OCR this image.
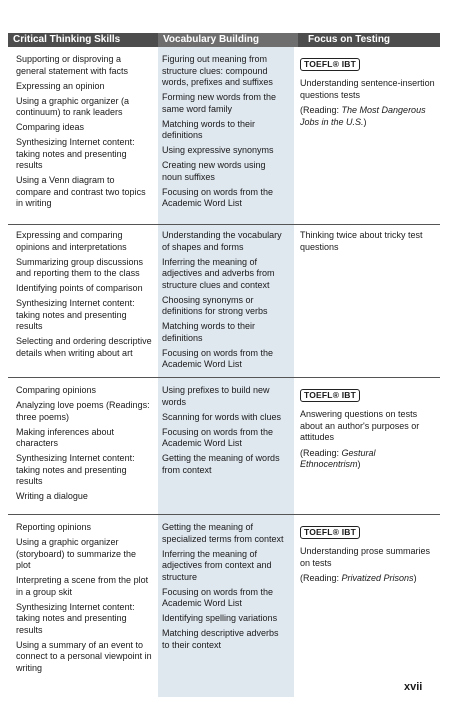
Critical Thinking Skills	Vocabulary Building	Focus on Testing
Supporting or disproving a general statement with facts
Expressing an opinion
Using a graphic organizer (a continuum) to rank leaders
Comparing ideas
Synthesizing Internet content: taking notes and presenting results
Using a Venn diagram to compare and contrast two topics in writing
Figuring out meaning from structure clues: compound words, prefixes and suffixes
Forming new words from the same word family
Matching words to their definitions
Using expressive synonyms
Creating new words using noun suffixes
Focusing on words from the Academic Word List
TOEFL® IBT
Understanding sentence-insertion questions tests
(Reading: The Most Dangerous Jobs in the U.S.)
Expressing and comparing opinions and interpretations
Summarizing group discussions and reporting them to the class
Identifying points of comparison
Synthesizing Internet content: taking notes and presenting results
Selecting and ordering descriptive details when writing about art
Understanding the vocabulary of shapes and forms
Inferring the meaning of adjectives and adverbs from structure clues and context
Choosing synonyms or definitions for strong verbs
Matching words to their definitions
Focusing on words from the Academic Word List
Thinking twice about tricky test questions
Comparing opinions
Analyzing love poems (Readings: three poems)
Making inferences about characters
Synthesizing Internet content: taking notes and presenting results
Writing a dialogue
Using prefixes to build new words
Scanning for words with clues
Focusing on words from the Academic Word List
Getting the meaning of words from context
TOEFL® IBT
Answering questions on tests about an author's purposes or attitudes
(Reading: Gestural Ethnocentrism)
Reporting opinions
Using a graphic organizer (storyboard) to summarize the plot
Interpreting a scene from the plot in a group skit
Synthesizing Internet content: taking notes and presenting results
Using a summary of an event to connect to a personal viewpoint in writing
Getting the meaning of specialized terms from context
Inferring the meaning of adjectives from context and structure
Focusing on words from the Academic Word List
Identifying spelling variations
Matching descriptive adverbs to their context
TOEFL® IBT
Understanding prose summaries on tests
(Reading: Privatized Prisons)
xvii
